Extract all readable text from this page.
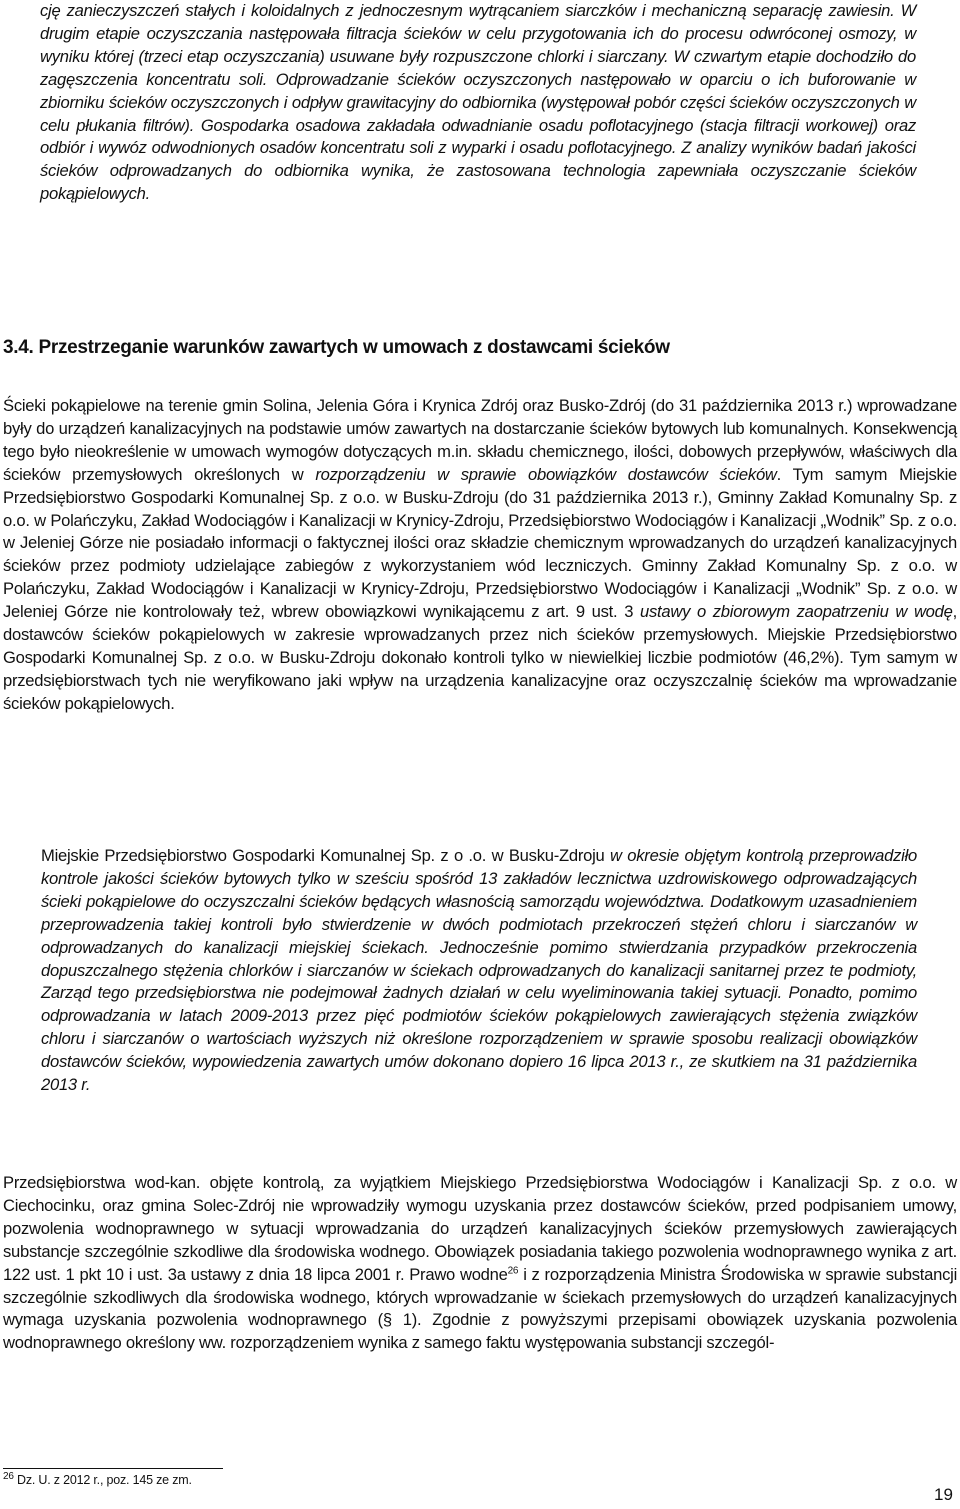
cję zanieczyszczeń stałych i koloidalnych z jednoczesnym wytrącaniem siarczków i mechaniczną separację zawiesin. W drugim etapie oczyszczania następowała filtracja ścieków w celu przygotowania ich do procesu odwróconej osmozy, w wyniku której (trzeci etap oczyszczania) usuwane były rozpuszczone chlorki i siarczany. W czwartym etapie dochodziło do zagęszczenia koncentratu soli. Odprowadzanie ścieków oczyszczonych następowało w oparciu o ich buforowanie w zbiorniku ścieków oczyszczonych i odpływ grawitacyjny do odbiornika (występował pobór części ścieków oczyszczonych w celu płukania filtrów). Gospodarka osadowa zakładała odwadnianie osadu poflotacyjnego (stacja filtracji workowej) oraz odbiór i wywóz odwodnionych osadów koncentratu soli z wyparki i osadu poflotacyjnego. Z analizy wyników badań jakości ścieków odprowadzanych do odbiornika wynika, że zastosowana technologia zapewniała oczyszczanie ścieków pokąpielowych.

3.4. Przestrzeganie warunków zawartych w umowach z dostawcami ścieków

Ścieki pokąpielowe na terenie gmin Solina, Jelenia Góra i Krynica Zdrój oraz Busko-Zdrój (do 31 października 2013 r.) wprowadzane były do urządzeń kanalizacyjnych na podstawie umów zawartych na dostarczanie ścieków bytowych lub komunalnych. Konsekwencją tego było nieokreślenie w umowach wymogów dotyczących m.in. składu chemicznego, ilości, dobowych przepływów, właściwych dla ścieków przemysłowych określonych w rozporządzeniu w sprawie obowiązków dostawców ścieków. Tym samym Miejskie Przedsiębiorstwo Gospodarki Komunalnej Sp. z o.o. w Busku-Zdroju (do 31 października 2013 r.), Gminny Zakład Komunalny Sp. z o.o. w Polańczyku, Zakład Wodociągów i Kanalizacji w Krynicy-Zdroju, Przedsiębiorstwo Wodociągów i Kanalizacji „Wodnik” Sp. z o.o. w Jeleniej Górze nie posiadało informacji o faktycznej ilości oraz składzie chemicznym wprowadzanych do urządzeń kanalizacyjnych ścieków przez podmioty udzielające zabiegów z wykorzystaniem wód leczniczych. Gminny Zakład Komunalny Sp. z o.o. w Polańczyku, Zakład Wodociągów i Kanalizacji w Krynicy-Zdroju, Przedsiębiorstwo Wodociągów i Kanalizacji „Wodnik” Sp. z o.o. w Jeleniej Górze nie kontrolowały też, wbrew obowiązkowi wynikającemu z art. 9 ust. 3 ustawy o zbiorowym zaopatrzeniu w wodę, dostawców ścieków pokąpielowych w zakresie wprowadzanych przez nich ścieków przemysłowych. Miejskie Przedsiębiorstwo Gospodarki Komunalnej Sp. z o.o. w Busku-Zdroju dokonało kontroli tylko w niewielkiej liczbie podmiotów (46,2%). Tym samym w przedsiębiorstwach tych nie weryfikowano jaki wpływ na urządzenia kanalizacyjne oraz oczyszczalnię ścieków ma wprowadzanie ścieków pokąpielowych.

Miejskie Przedsiębiorstwo Gospodarki Komunalnej Sp. z o .o. w Busku-Zdroju w okresie objętym kontrolą przeprowadziło kontrole jakości ścieków bytowych tylko w sześciu spośród 13 zakładów lecznictwa uzdrowiskowego odprowadzających ścieki pokąpielowe do oczyszczalni ścieków będących własnością samorządu województwa. Dodatkowym uzasadnieniem przeprowadzenia takiej kontroli było stwierdzenie w dwóch podmiotach przekroczeń stężeń chloru i siarczanów w odprowadzanych do kanalizacji miejskiej ściekach. Jednocześnie pomimo stwierdzania przypadków przekroczenia dopuszczalnego stężenia chlorków i siarczanów w ściekach odprowadzanych do kanalizacji sanitarnej przez te podmioty, Zarząd tego przedsiębiorstwa nie podejmował żadnych działań w celu wyeliminowania takiej sytuacji. Ponadto, pomimo odprowadzania w latach 2009-2013 przez pięć podmiotów ścieków pokąpielowych zawierających stężenia związków chloru i siarczanów o wartościach wyższych niż określone rozporządzeniem w sprawie sposobu realizacji obowiązków dostawców ścieków, wypowiedzenia zawartych umów dokonano dopiero 16 lipca 2013 r., ze skutkiem na 31 października 2013 r.

Przedsiębiorstwa wod-kan. objęte kontrolą, za wyjątkiem Miejskiego Przedsiębiorstwa Wodociągów i Kanalizacji Sp. z o.o. w Ciechocinku, oraz gmina Solec-Zdrój nie wprowadziły wymogu uzyskania przez dostawców ścieków, przed podpisaniem umowy, pozwolenia wodnoprawnego w sytuacji wprowadzania do urządzeń kanalizacyjnych ścieków przemysłowych zawierających substancje szczególnie szkodliwe dla środowiska wodnego. Obowiązek posiadania takiego pozwolenia wodnoprawnego wynika z art. 122 ust. 1 pkt 10 i ust. 3a ustawy z dnia 18 lipca 2001 r. Prawo wodne$^{26}$ i z rozporządzenia Ministra Środowiska w sprawie substancji szczególnie szkodliwych dla środowiska wodnego, których wprowadzanie w ściekach przemysłowych do urządzeń kanalizacyjnych wymaga uzyskania pozwolenia wodnoprawnego (§ 1). Zgodnie z powyższymi przepisami obowiązek uzyskania pozwolenia wodnoprawnego określony ww. rozporządzeniem wynika z samego faktu występowania substancji szczegól-

$^{26}$ Dz. U. z 2012 r., poz. 145 ze zm.
19
